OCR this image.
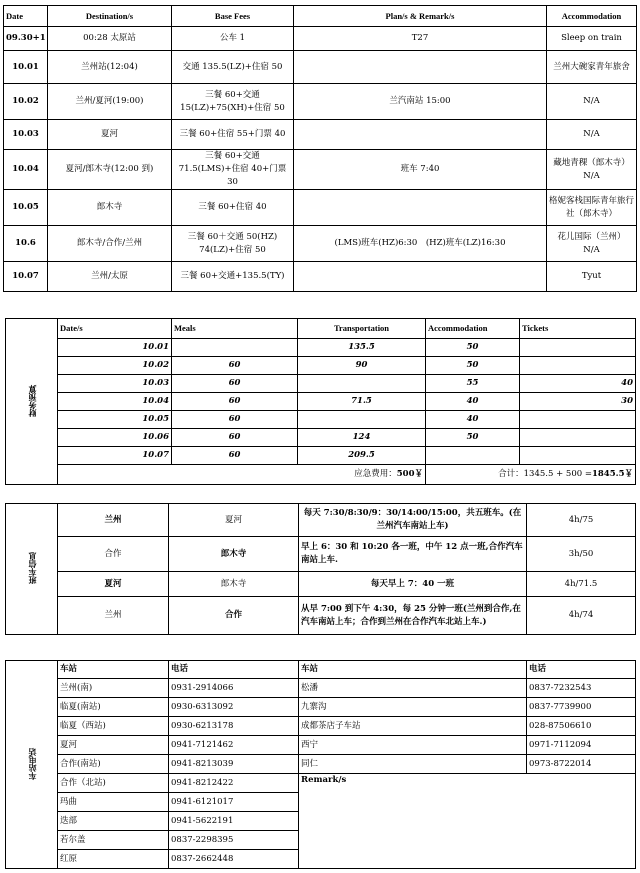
Date	Destination/s	Base Fees	Plan/s & Remark/s	Accommodation
09.30+1	00:28 太原站	公车 1	T27	Sleep on train
10.01	兰州站(12:04)	交通 135.5(LZ)+住宿 50		兰州大碗家青年旅舍
10.02	兰州/夏河(19:00)	三餐 60+交通 15(LZ)+75(XH)+住宿 50	兰汽南站 15:00	N/A
10.03	夏河	三餐 60+住宿 55+门票 40		N/A
10.04	夏河/郎木寺(12:00 到)	三餐 60+交通 71.5(LMS)+住宿 40+门票 30	班车 7:40	藏地青稞（郎木寺） N/A
10.05	郎木寺	三餐 60+住宿 40		格妮客栈国际青年旅行社（郎木寺）
10.6	郎木寺/合作/兰州	三餐 60＋交通 50(HZ) 74(LZ)+住宿 50	(LMS)班车(HZ)6:30　(HZ)班车(LZ)16:30	花儿国际（兰州） N/A
10.07	兰州/太原	三餐 60+交通+135.5(TY)		Tyut
财务预算	Date/s	Meals	Transportation	Accommodation	Tickets
	10.01		135.5	50	
	10.02	60	90	50	
	10.03	60		55	40
	10.04	60	71.5	40	30
	10.05	60		40	
	10.06	60	124	50	
	10.07	60	209.5		
	应急费用：500￥			合计：1345.5 + 500 =1845.5￥	
班车信息	兰州	夏河	每天 7:30/8:30/9：30/14:00/15:00，共五班车。(在兰州汽车南站上车)	4h/75
	合作	郎木寺	早上 6：30 和 10:20 各一班，中午 12 点一班,合作汽车南站上车.	3h/50
	夏河	郎木寺	每天早上 7：40 一班	4h/71.5
	兰州	合作	从早 7:00 到下午 4:30，每 25 分钟一班(兰州到合作,在汽车南站上车；合作到兰州在合作汽车北站上车.)	4h/74
车站电话	车站	电话	车站	电话
	兰州(南)	0931-2914066	松潘	0837-7232543
	临夏(南站)	0930-6313092	九寨沟	0837-7739900
	临夏（西站)	0930-6213178	成都茶店子车站	028-87506610
	夏河	0941-7121462	西宁	0971-7112094
	合作(南站)	0941-8213039	同仁	0973-8722014
	合作（北站)	0941-8212422	Remark/s	
	玛曲	0941-6121017		
	迭部	0941-5622191		
	若尔盖	0837-2298395		
	红原	0837-2662448		
